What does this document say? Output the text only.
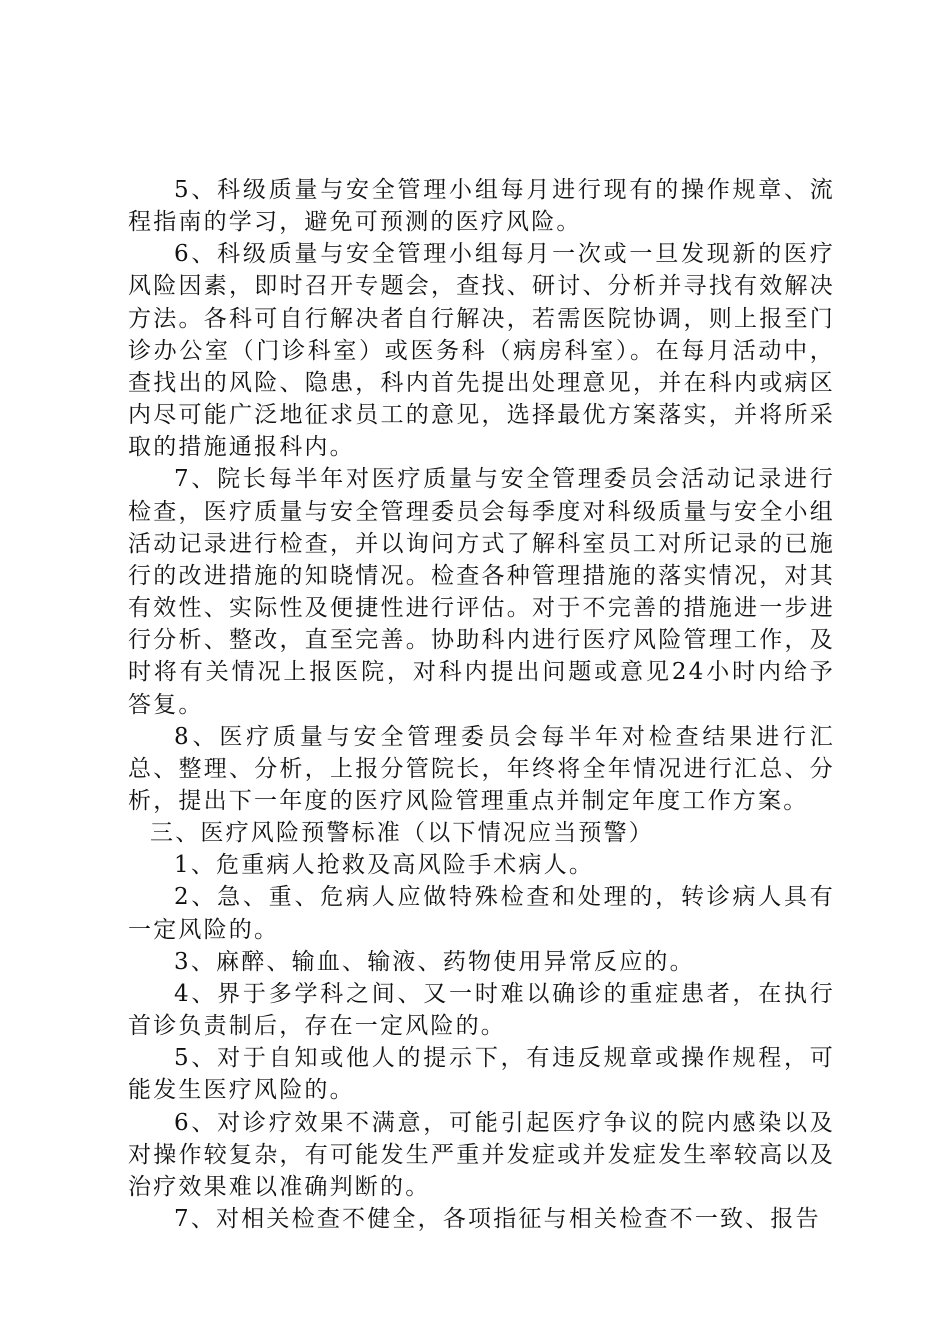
5、科级质量与安全管理小组每月进行现有的操作规章、流程指南的学习，避免可预测的医疗风险。

6、科级质量与安全管理小组每月一次或一旦发现新的医疗风险因素，即时召开专题会，查找、研讨、分析并寻找有效解决方法。各科可自行解决者自行解决，若需医院协调，则上报至门诊办公室（门诊科室）或医务科（病房科室）。在每月活动中，查找出的风险、隐患，科内首先提出处理意见，并在科内或病区内尽可能广泛地征求员工的意见，选择最优方案落实，并将所采取的措施通报科内。

7、院长每半年对医疗质量与安全管理委员会活动记录进行检查，医疗质量与安全管理委员会每季度对科级质量与安全小组活动记录进行检查，并以询问方式了解科室员工对所记录的已施行的改进措施的知晓情况。检查各种管理措施的落实情况，对其有效性、实际性及便捷性进行评估。对于不完善的措施进一步进行分析、整改，直至完善。协助科内进行医疗风险管理工作，及时将有关情况上报医院，对科内提出问题或意见24小时内给予答复。

8、医疗质量与安全管理委员会每半年对检查结果进行汇总、整理、分析，上报分管院长，年终将全年情况进行汇总、分析，提出下一年度的医疗风险管理重点并制定年度工作方案。

三、医疗风险预警标准（以下情况应当预警）

1、危重病人抢救及高风险手术病人。

2、急、重、危病人应做特殊检查和处理的，转诊病人具有一定风险的。

3、麻醉、输血、输液、药物使用异常反应的。

4、界于多学科之间、又一时难以确诊的重症患者，在执行首诊负责制后，存在一定风险的。

5、对于自知或他人的提示下，有违反规章或操作规程，可能发生医疗风险的。

6、对诊疗效果不满意，可能引起医疗争议的院内感染以及对操作较复杂，有可能发生严重并发症或并发症发生率较高以及治疗效果难以准确判断的。

7、对相关检查不健全，各项指征与相关检查不一致、报告
